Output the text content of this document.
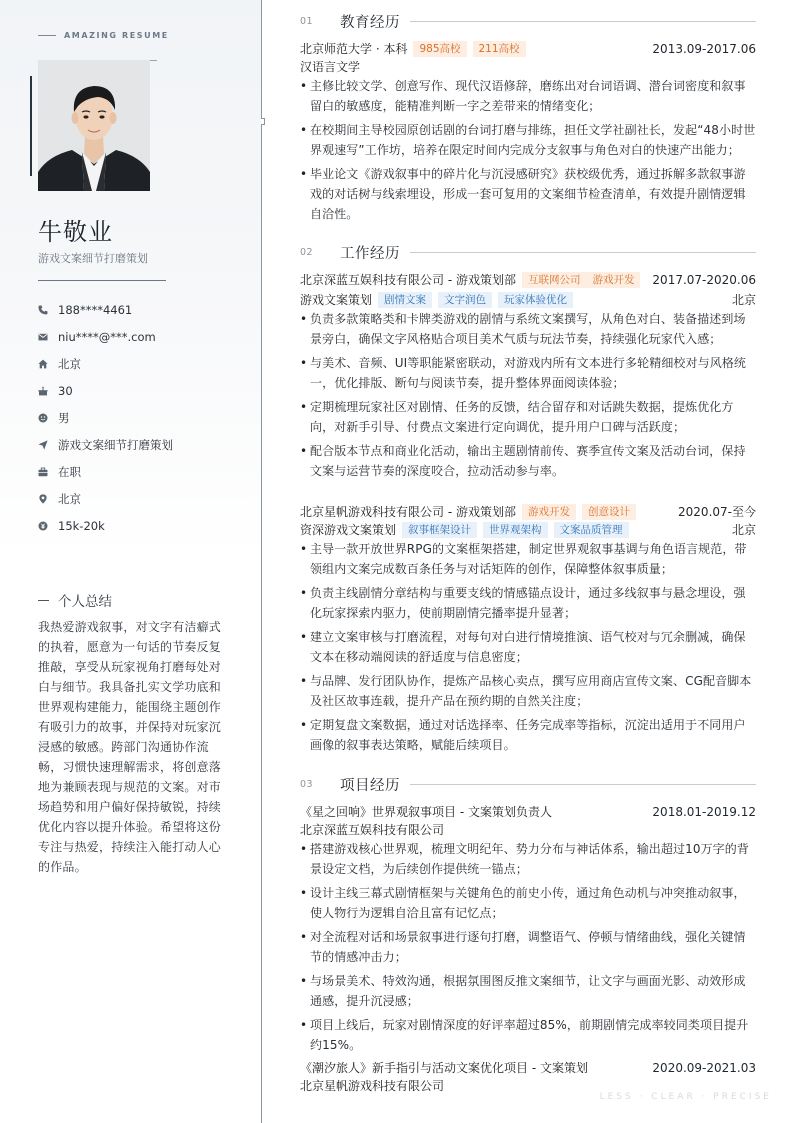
AMAZING RESUME
牛敬业
游戏文案细节打磨策划
188****4461
niu****@***.com
北京
30
男
游戏文案细节打磨策划
在职
北京
15k-20k
个人总结
我热爱游戏叙事，对文字有洁癖式的执着，愿意为一句话的节奏反复推敲，享受从玩家视角打磨每处对白与细节。我具备扎实文学功底和世界观构建能力，能围绕主题创作有吸引力的故事，并保持对玩家沉浸感的敏感。跨部门沟通协作流畅，习惯快速理解需求，将创意落地为兼顾表现与规范的文案。对市场趋势和用户偏好保持敏锐，持续优化内容以提升体验。希望将这份专注与热爱，持续注入能打动人心的作品。
01	教育经历
北京师范大学 · 本科	985高校	211高校	2013.09-2017.06
汉语言文学
• 主修比较文学、创意写作、现代汉语修辞，磨练出对台词语调、潜台词密度和叙事留白的敏感度，能精准判断一字之差带来的情绪变化；
• 在校期间主导校园原创话剧的台词打磨与排练，担任文学社副社长，发起“48小时世界观速写”工作坊，培养在限定时间内完成分支叙事与角色对白的快速产出能力；
• 毕业论文《游戏叙事中的碎片化与沉浸感研究》获校级优秀，通过拆解多款叙事游戏的对话树与线索埋设，形成一套可复用的文案细节检查清单，有效提升剧情逻辑自洽性。
02	工作经历
北京深蓝互娱科技有限公司 - 游戏策划部	互联网公司	游戏开发	2017.07-2020.06
游戏文案策划	剧情文案	文字润色	玩家体验优化	北京
• 负责多款策略类和卡牌类游戏的剧情与系统文案撰写，从角色对白、装备描述到场景旁白，确保文字风格贴合项目美术气质与玩法节奏，持续强化玩家代入感；
• 与美术、音频、UI等职能紧密联动，对游戏内所有文本进行多轮精细校对与风格统一，优化排版、断句与阅读节奏，提升整体界面阅读体验；
• 定期梳理玩家社区对剧情、任务的反馈，结合留存和对话跳失数据，提炼优化方向，对新手引导、付费点文案进行定向调优，提升用户口碑与活跃度；
• 配合版本节点和商业化活动，输出主题剧情前传、赛季宣传文案及活动台词，保持文案与运营节奏的深度咬合，拉动活动参与率。
北京星帆游戏科技有限公司 - 游戏策划部	游戏开发	创意设计	2020.07-至今
资深游戏文案策划	叙事框架设计	世界观架构	文案品质管理	北京
• 主导一款开放世界RPG的文案框架搭建，制定世界观叙事基调与角色语言规范，带领组内文案完成数百条任务与对话矩阵的创作，保障整体叙事质量；
• 负责主线剧情分章结构与重要支线的情感锚点设计，通过多线叙事与悬念埋设，强化玩家探索内驱力，使前期剧情完播率提升显著；
• 建立文案审核与打磨流程，对每句对白进行情境推演、语气校对与冗余删减，确保文本在移动端阅读的舒适度与信息密度；
• 与品牌、发行团队协作，提炼产品核心卖点，撰写应用商店宣传文案、CG配音脚本及社区故事连载，提升产品在预约期的自然关注度；
• 定期复盘文案数据，通过对话选择率、任务完成率等指标，沉淀出适用于不同用户画像的叙事表达策略，赋能后续项目。
03	项目经历
《星之回响》世界观叙事项目 - 文案策划负责人	2018.01-2019.12
北京深蓝互娱科技有限公司
• 搭建游戏核心世界观，梳理文明纪年、势力分布与神话体系，输出超过10万字的背景设定文档，为后续创作提供统一锚点；
• 设计主线三幕式剧情框架与关键角色的前史小传，通过角色动机与冲突推动叙事，使人物行为逻辑自洽且富有记忆点；
• 对全流程对话和场景叙事进行逐句打磨，调整语气、停顿与情绪曲线，强化关键情节的情感冲击力；
• 与场景美术、特效沟通，根据氛围图反推文案细节，让文字与画面光影、动效形成通感，提升沉浸感；
• 项目上线后，玩家对剧情深度的好评率超过85%，前期剧情完成率较同类项目提升约15%。
《潮汐旅人》新手指引与活动文案优化项目 - 文案策划	2020.09-2021.03
北京星帆游戏科技有限公司
LESS · CLEAR · PRECISE
